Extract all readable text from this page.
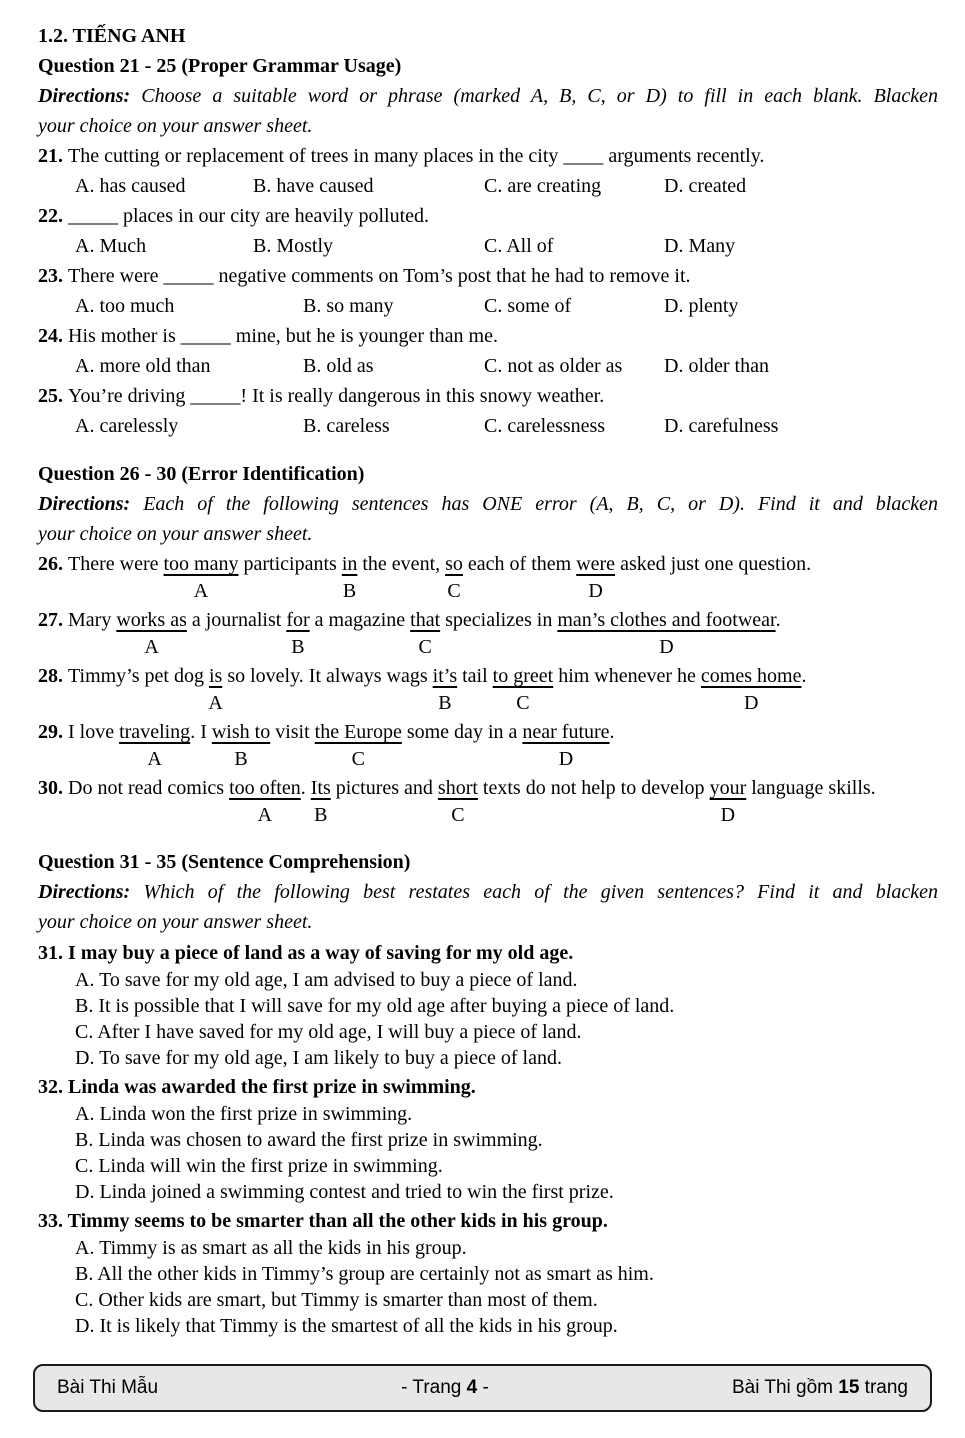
1.2. TIẾNG ANH
Question 21 - 25 (Proper Grammar Usage)
Directions: Choose a suitable word or phrase (marked A, B, C, or D) to fill in each blank. Blacken
your choice on your answer sheet.
21. The cutting or replacement of trees in many places in the city ____ arguments recently.
A. has caused	B. have caused	C. are creating	D. created
22. _____ places in our city are heavily polluted.
A. Much	B. Mostly	C. All of	D. Many
23. There were _____ negative comments on Tom’s post that he had to remove it.
A. too much	B. so many	C. some of	D. plenty
24. His mother is _____ mine, but he is younger than me.
A. more old than	B. old as	C. not as older as	D. older than
25. You’re driving _____! It is really dangerous in this snowy weather.
A. carelessly	B. careless	C. carelessness	D. carefulness
Question 26 - 30 (Error Identification)
Directions: Each of the following sentences has ONE error (A, B, C, or D). Find it and blacken
your choice on your answer sheet.
26. There were too many participants in the event, so each of them were asked just one question.
A	B	C	D
27. Mary works as a journalist for a magazine that specializes in man’s clothes and footwear.
A	B	C	D
28. Timmy’s pet dog is so lovely. It always wags it’s tail to greet him whenever he comes home.
A	B	C	D
29. I love traveling. I wish to visit the Europe some day in a near future.
A	B	C	D
30. Do not read comics too often. Its pictures and short texts do not help to develop your language skills.
A B	C	D
Question 31 - 35 (Sentence Comprehension)
Directions: Which of the following best restates each of the given sentences? Find it and blacken
your choice on your answer sheet.
31. I may buy a piece of land as a way of saving for my old age.
A. To save for my old age, I am advised to buy a piece of land.
B. It is possible that I will save for my old age after buying a piece of land.
C. After I have saved for my old age, I will buy a piece of land.
D. To save for my old age, I am likely to buy a piece of land.
32. Linda was awarded the first prize in swimming.
A. Linda won the first prize in swimming.
B. Linda was chosen to award the first prize in swimming.
C. Linda will win the first prize in swimming.
D. Linda joined a swimming contest and tried to win the first prize.
33. Timmy seems to be smarter than all the other kids in his group.
A. Timmy is as smart as all the kids in his group.
B. All the other kids in Timmy’s group are certainly not as smart as him.
C. Other kids are smart, but Timmy is smarter than most of them.
D. It is likely that Timmy is the smartest of all the kids in his group.
Bài Thi Mẫu	- Trang 4 -	Bài Thi gồm 15 trang
